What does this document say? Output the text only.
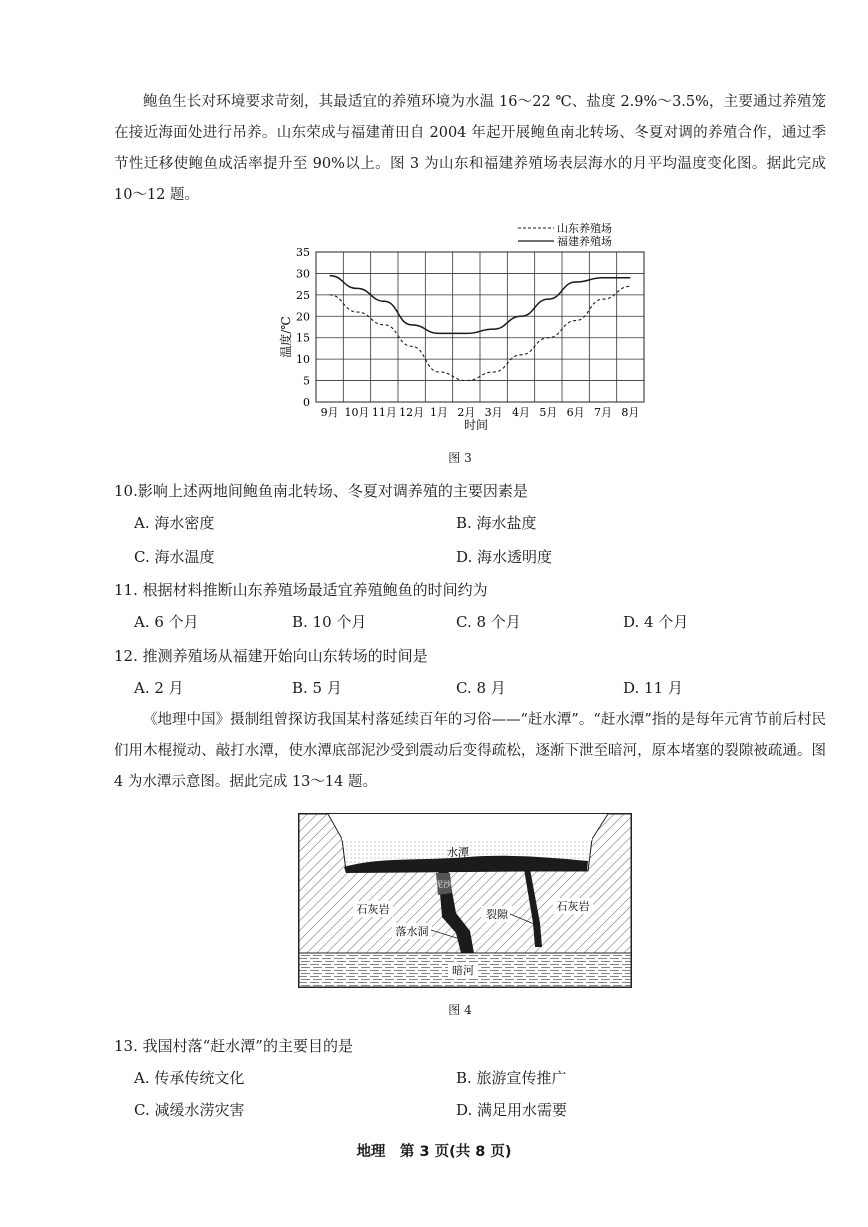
鲍鱼生长对环境要求苛刻，其最适宜的养殖环境为水温 16～22 ℃、盐度 2.9%～3.5%，主要通过养殖笼在接近海面处进行吊养。山东荣成与福建莆田自 2004 年起开展鲍鱼南北转场、冬夏对调的养殖合作，通过季节性迁移使鲍鱼成活率提升至 90%以上。图 3 为山东和福建养殖场表层海水的月平均温度变化图。据此完成 10～12 题。

0
5
10
15
20
25
30
35
9月 10月 11月 12月 1月 2月 3月 4月 5月 6月 7月 8月
山东养殖场
福建养殖场
温度/℃
时间
图 3
10.影响上述两地间鲍鱼南北转场、冬夏对调养殖的主要因素是
A. 海水密度	B. 海水盐度
C. 海水温度	D. 海水透明度
11. 根据材料推断山东养殖场最适宜养殖鲍鱼的时间约为
A. 6 个月	B. 10 个月	C. 8 个月	D. 4 个月
12. 推测养殖场从福建开始向山东转场的时间是
A. 2 月	B. 5 月	C. 8 月	D. 11 月

《地理中国》摄制组曾探访我国某村落延续百年的习俗——“赶水潭”。“赶水潭”指的是每年元宵节前后村民们用木棍搅动、敲打水潭，使水潭底部泥沙受到震动后变得疏松，逐渐下泄至暗河，原本堵塞的裂隙被疏通。图 4 为水潭示意图。据此完成 13～14 题。

水潭
泥沙
石灰岩	石灰岩
裂隙
落水洞
暗河
图 4
13. 我国村落“赶水潭”的主要目的是
A. 传承传统文化	B. 旅游宣传推广
C. 减缓水涝灾害	D. 满足用水需要
地理　第 3 页(共 8 页)
